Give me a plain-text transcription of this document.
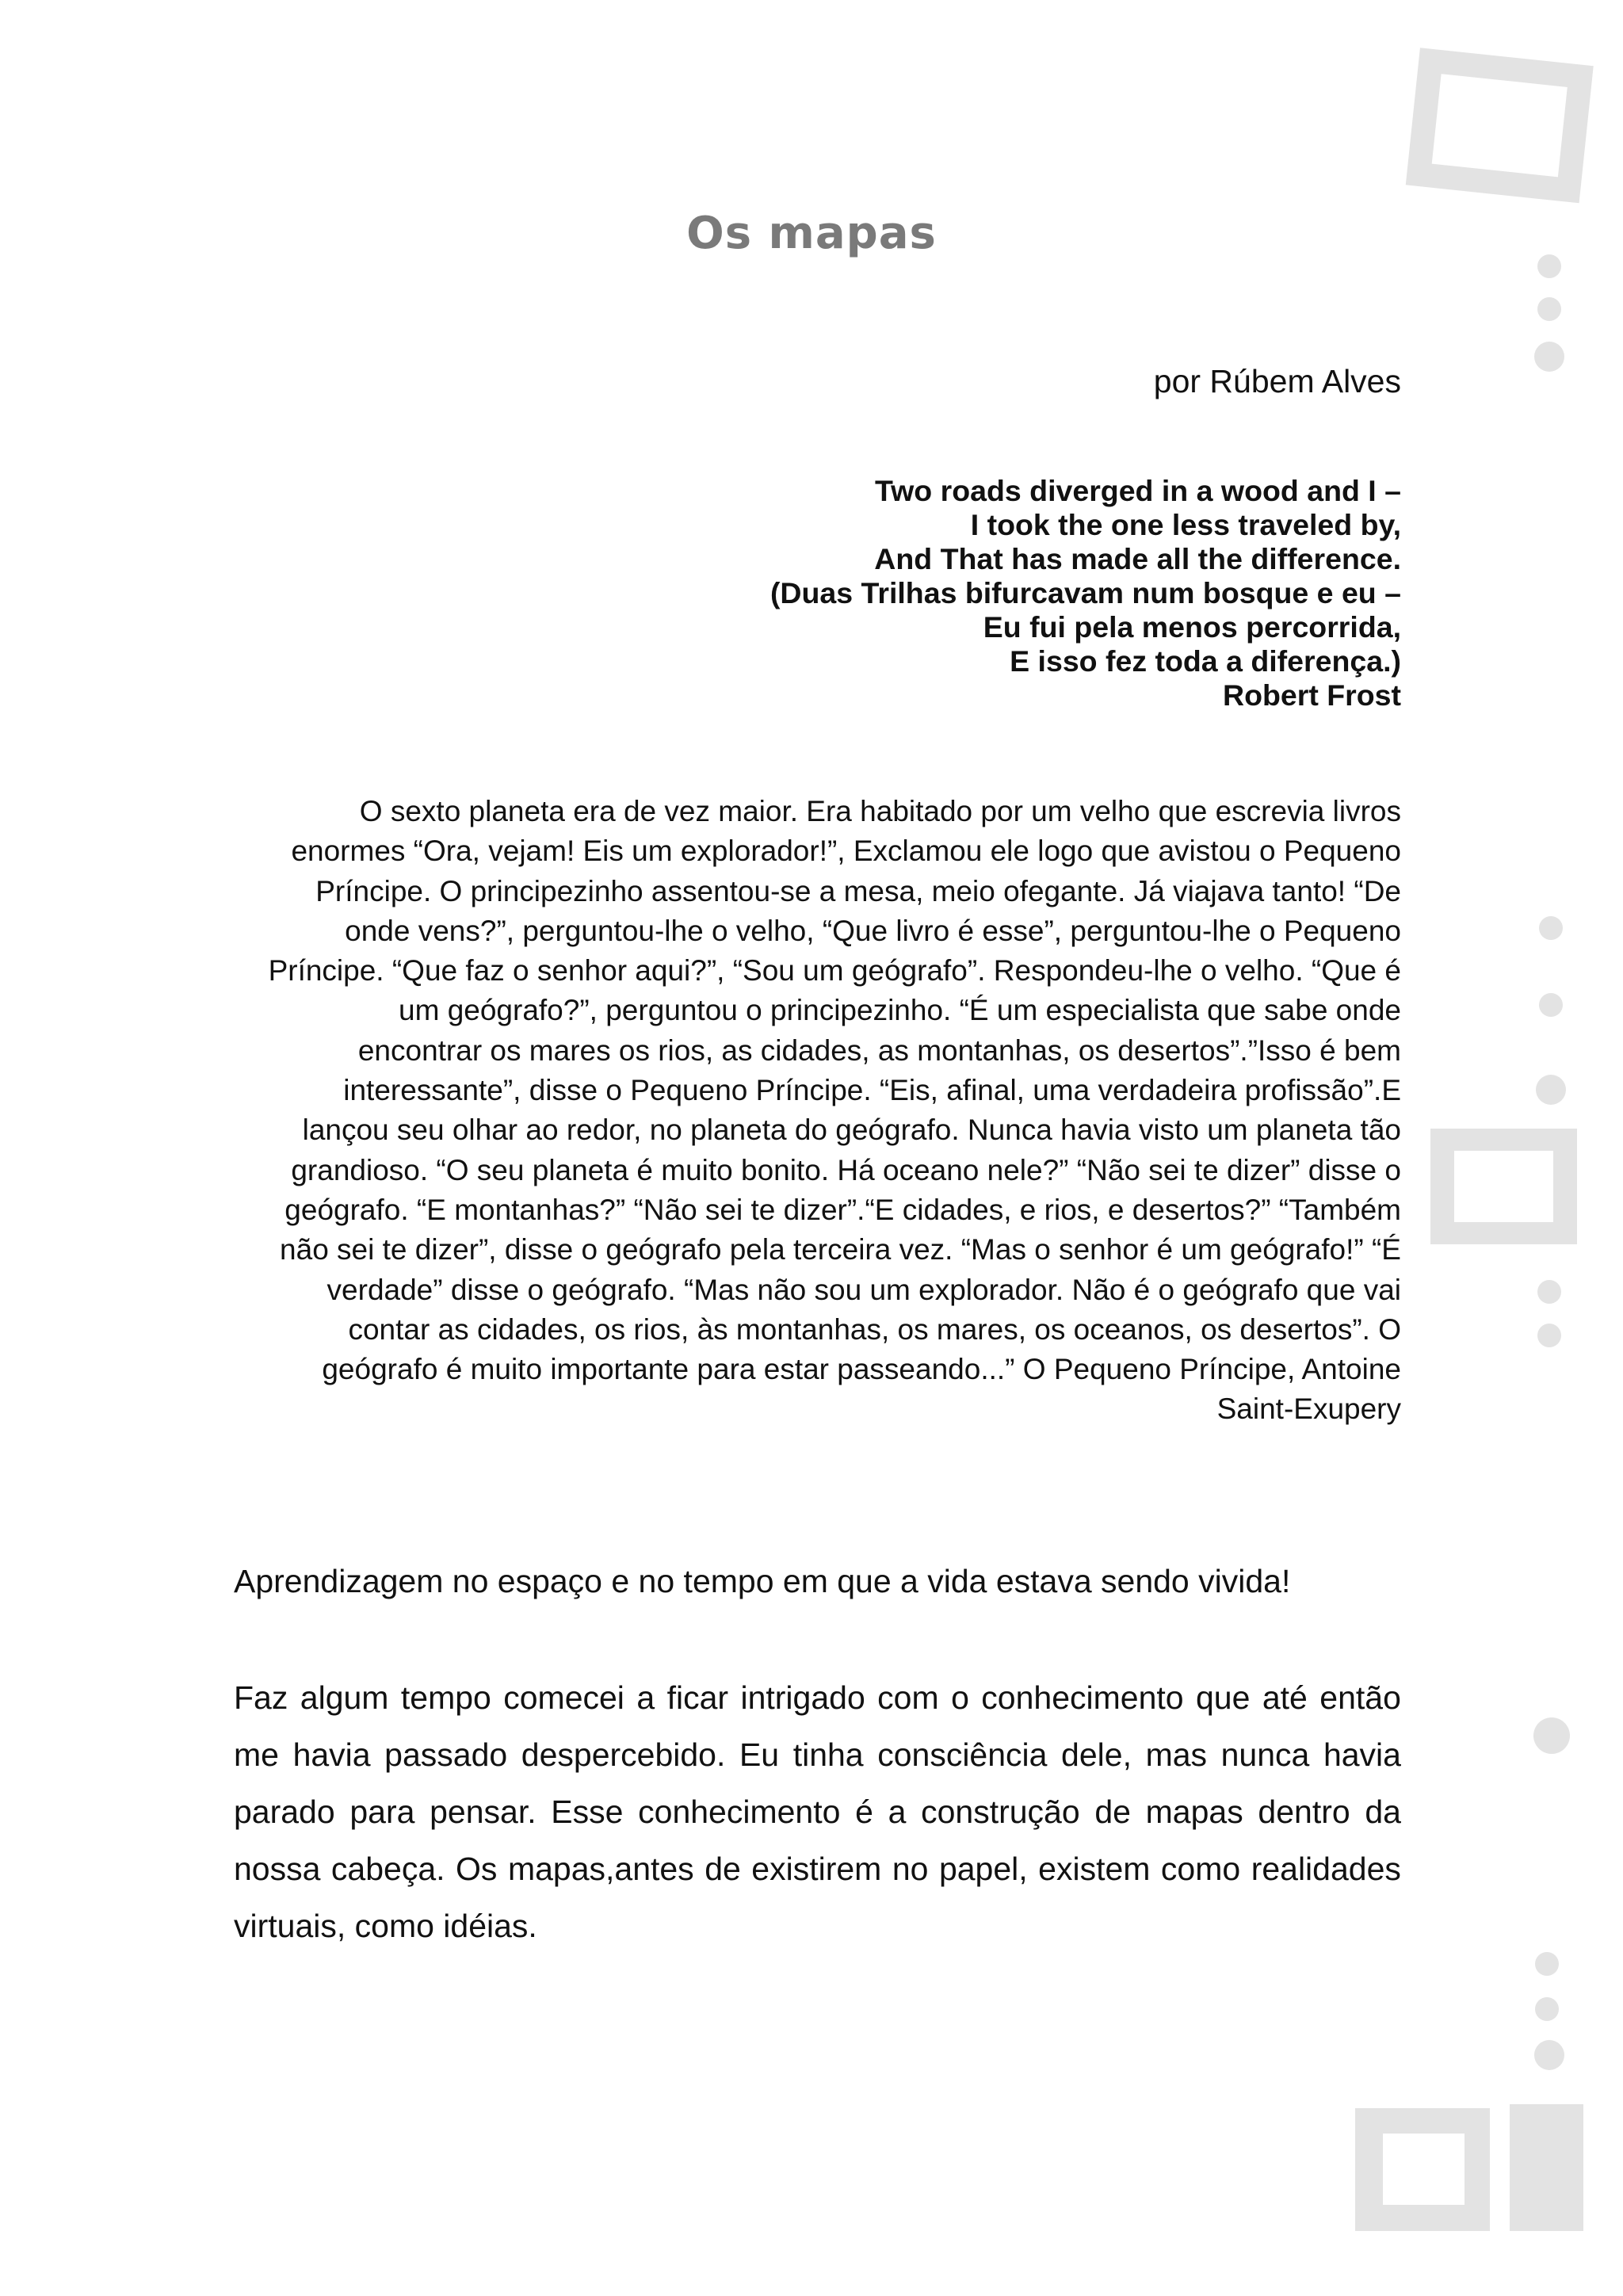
Os mapas
por Rúbem Alves
Two roads diverged in a wood and I –
I took the one less traveled by,
And That has made all the difference.
(Duas Trilhas bifurcavam num bosque e eu –
Eu fui pela menos percorrida,
E isso fez toda a diferença.)
Robert Frost
O sexto planeta era de vez maior. Era habitado por um velho que escrevia livros
enormes “Ora, vejam! Eis um explorador!”, Exclamou ele logo que avistou o Pequeno
Príncipe. O principezinho assentou-se a mesa, meio ofegante. Já viajava tanto! “De
onde vens?”, perguntou-lhe o velho, “Que livro é esse”, perguntou-lhe o Pequeno
Príncipe. “Que faz o senhor aqui?”, “Sou um geógrafo”. Respondeu-lhe o velho. “Que é
um geógrafo?”, perguntou o principezinho. “É um especialista que sabe onde
encontrar os mares os rios, as cidades, as montanhas, os desertos”.”Isso é bem
interessante”, disse o Pequeno Príncipe. “Eis, afinal, uma verdadeira profissão”.E
lançou seu olhar ao redor, no planeta do geógrafo. Nunca havia visto um planeta tão
grandioso. “O seu planeta é muito bonito. Há oceano nele?” “Não sei te dizer” disse o
geógrafo. “E montanhas?” “Não sei te dizer”.“E cidades, e rios, e desertos?” “Também
não sei te dizer”, disse o geógrafo pela terceira vez. “Mas o senhor é um geógrafo!” “É
verdade” disse o geógrafo. “Mas não sou um explorador. Não é o geógrafo que vai
contar as cidades, os rios, às montanhas, os mares, os oceanos, os desertos”. O
geógrafo é muito importante para estar passeando...” O Pequeno Príncipe, Antoine
Saint-Exupery
Aprendizagem no espaço e no tempo em que a vida estava sendo vivida!
Faz algum tempo comecei a ficar intrigado com o conhecimento que até então
me havia passado despercebido. Eu tinha consciência dele, mas nunca havia
parado para pensar. Esse conhecimento é a construção de mapas dentro da
nossa cabeça. Os mapas,antes de existirem no papel, existem como realidades
virtuais, como idéias.
